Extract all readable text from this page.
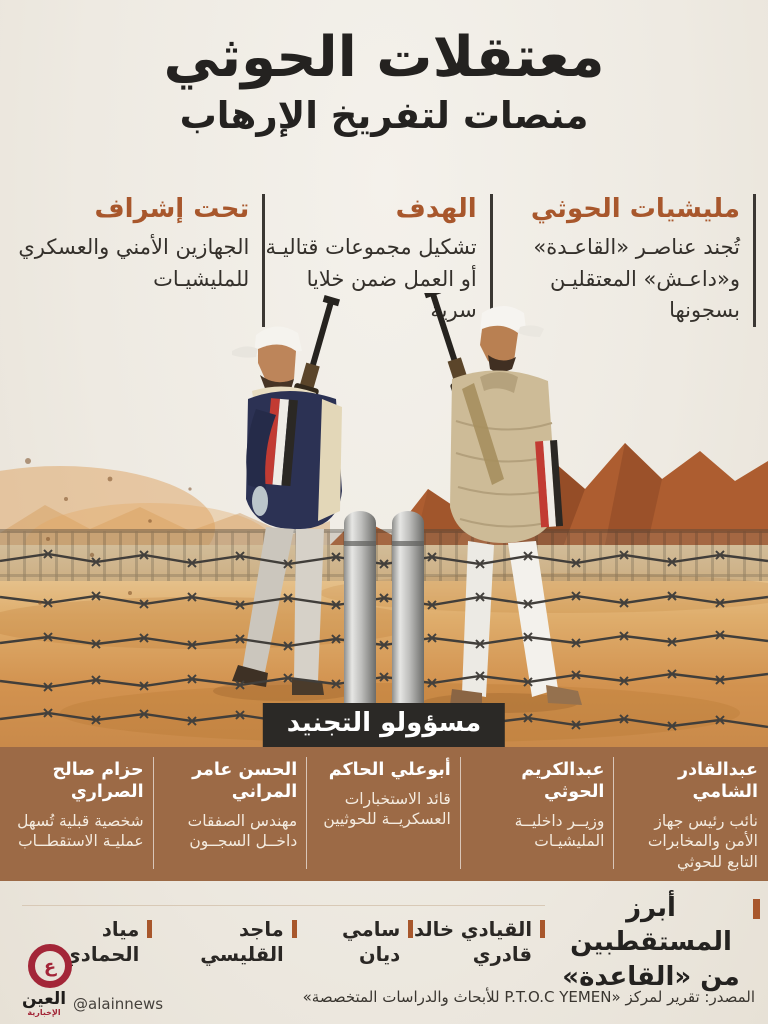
معتقلات الحوثي
منصات لتفريخ الإرهاب
مليشيات الحوثي
تُجند عناصـر «القاعـدة» و«داعـش» المعتقليـن بسجونها
الهدف
تشكيل مجموعات قتاليـة أو العمل ضمن خلايا سرية
تحت إشراف
الجهازين الأمني والعسكري للمليشيـات
مسؤولو التجنيد
عبدالقادر الشامي
نائب رئيس جهاز الأمن والمخابرات التابع للحوثي
عبدالكريم الحوثي
وزيــر داخليــة المليشيـات
أبوعلي الحاكم
قائد الاستخبارات العسكريــة للحوثيين
الحسن عامر المراني
مهندس الصفقات داخــل السجــون
حزام صالح الصراري
شخصية قبلية تُسهل عمليـة الاستقطــاب
أبرز المستقطبين
من «القاعدة»
القيادي خالد قادري
سامي ديان
ماجد القليسي
مياد الحمادي
المصدر: تقرير لمركز «P.T.O.C YEMEN للأبحاث والدراسات المتخصصة»
ع
العين
الإخبارية @alainnews
